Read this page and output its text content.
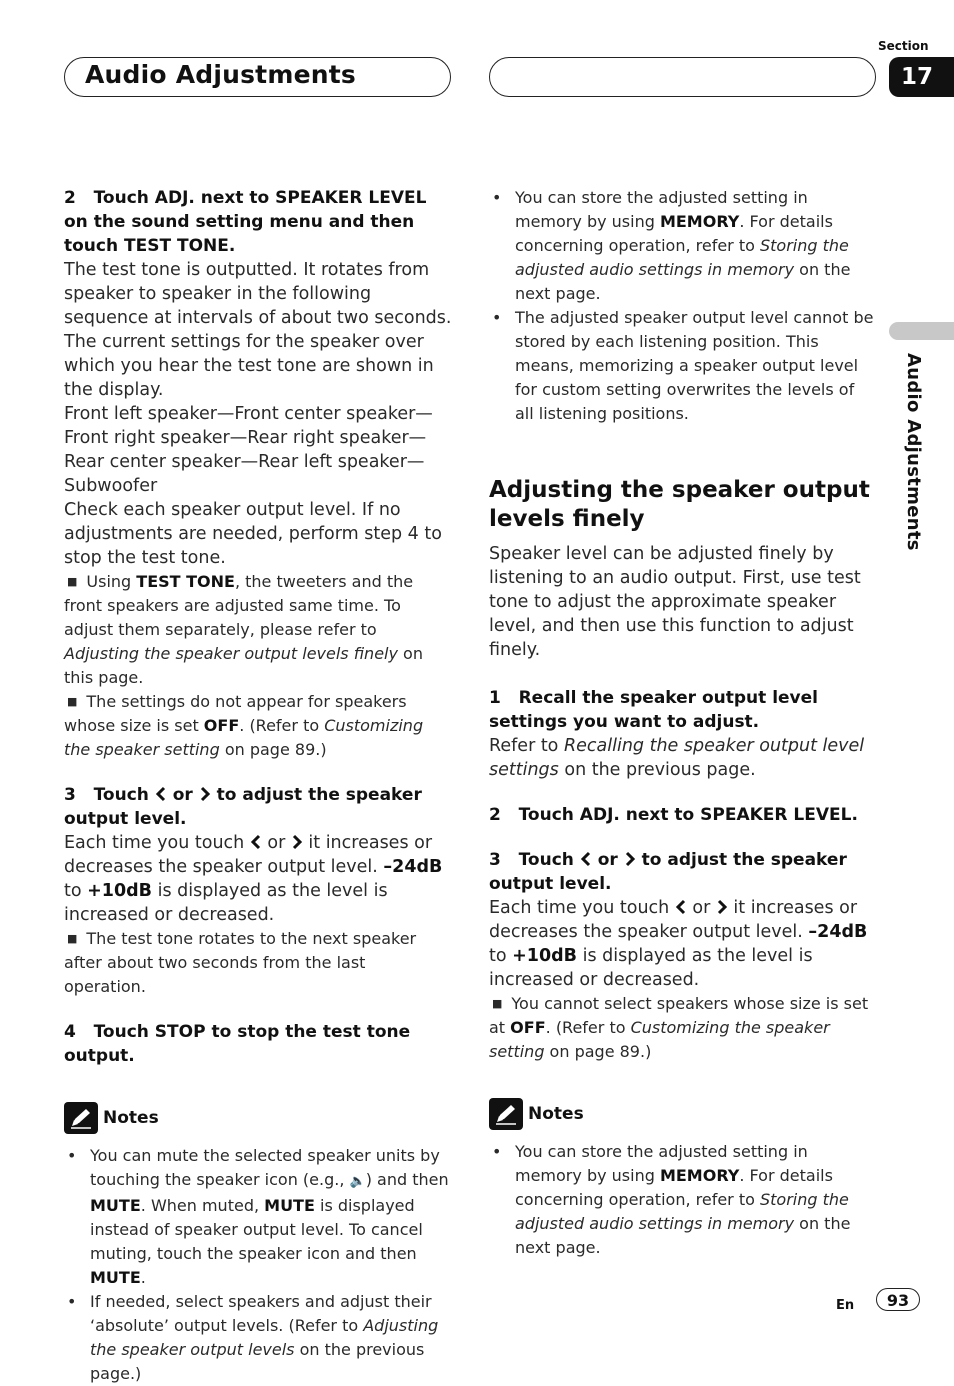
Audio Adjustments
Section
17
Audio Adjustments
2   Touch ADJ. next to SPEAKER LEVEL on the sound setting menu and then touch TEST TONE.
The test tone is outputted. It rotates from speaker to speaker in the following sequence at intervals of about two seconds. The current settings for the speaker over which you hear the test tone are shown in the display.
Front left speaker—Front center speaker—Front right speaker—Rear right speaker—Rear center speaker—Rear left speaker—Subwoofer
Check each speaker output level. If no adjustments are needed, perform step 4 to stop the test tone.
■ Using TEST TONE, the tweeters and the front speakers are adjusted same time. To adjust them separately, please refer to Adjusting the speaker output levels finely on this page.
■ The settings do not appear for speakers whose size is set OFF. (Refer to Customizing the speaker setting on page 89.)
3   Touch  or  to adjust the speaker output level.
Each time you touch  or  it increases or decreases the speaker output level. –24dB to +10dB is displayed as the level is increased or decreased.
■ The test tone rotates to the next speaker after about two seconds from the last operation.
4   Touch STOP to stop the test tone output.
Notes
• You can mute the selected speaker units by touching the speaker icon (e.g., 🔈) and then MUTE. When muted, MUTE is displayed instead of speaker output level. To cancel muting, touch the speaker icon and then MUTE.
• If needed, select speakers and adjust their ‘absolute’ output levels. (Refer to Adjusting the speaker output levels on the previous page.)
• You can store the adjusted setting in memory by using MEMORY. For details concerning operation, refer to Storing the adjusted audio settings in memory on the next page.
• The adjusted speaker output level cannot be stored by each listening position. This means, memorizing a speaker output level for custom setting overwrites the levels of all listening positions.
Adjusting the speaker output levels finely
Speaker level can be adjusted finely by listening to an audio output. First, use test tone to adjust the approximate speaker level, and then use this function to adjust finely.
1   Recall the speaker output level settings you want to adjust.
Refer to Recalling the speaker output level settings on the previous page.
2   Touch ADJ. next to SPEAKER LEVEL.
3   Touch  or  to adjust the speaker output level.
Each time you touch  or  it increases or decreases the speaker output level. –24dB to +10dB is displayed as the level is increased or decreased.
■ You cannot select speakers whose size is set at OFF. (Refer to Customizing the speaker setting on page 89.)
Notes
• You can store the adjusted setting in memory by using MEMORY. For details concerning operation, refer to Storing the adjusted audio settings in memory on the next page.
En	93
